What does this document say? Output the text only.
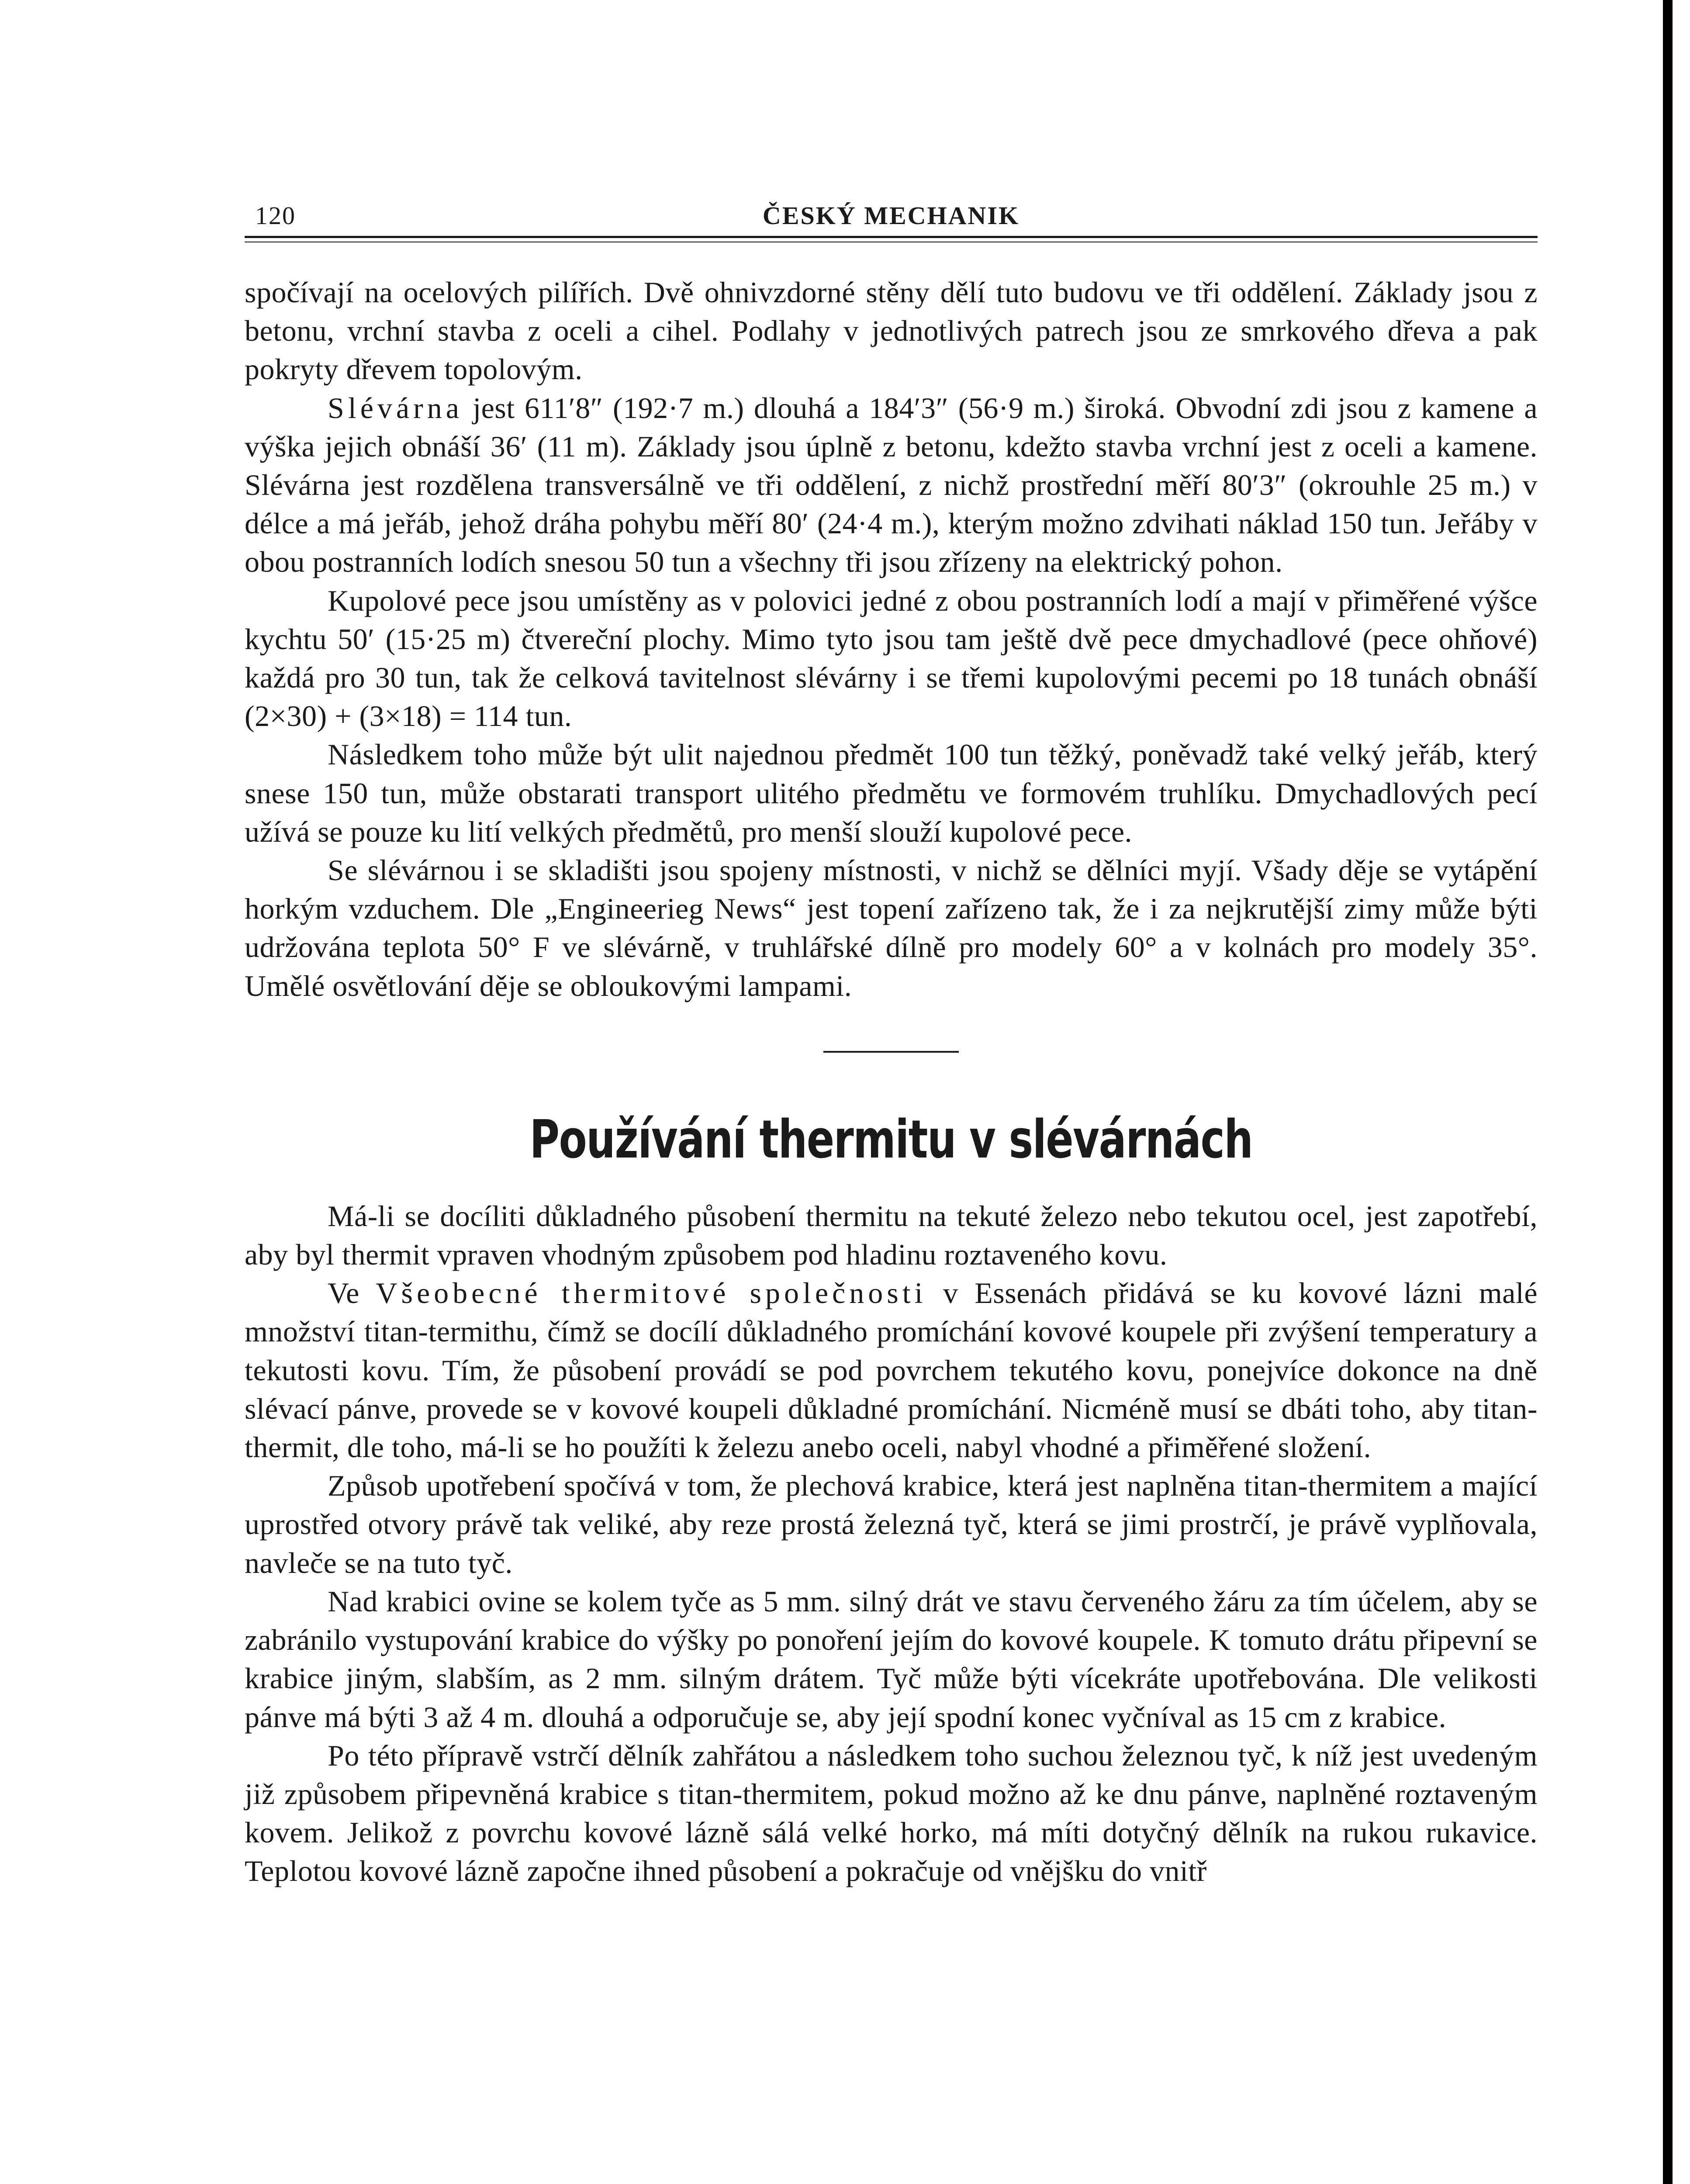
120	ČESKÝ MECHANIK

spočívají na ocelových pilířích. Dvě ohnivzdorné stěny dělí tuto budovu ve tři oddělení. Základy jsou z betonu, vrchní stavba z oceli a cihel. Podlahy v jednotlivých patrech jsou ze smrkového dřeva a pak pokryty dřevem topolovým.

Slévárna jest 611′8″ (192·7 m.) dlouhá a 184′3″ (56·9 m.) široká. Obvodní zdi jsou z kamene a výška jejich obnáší 36′ (11 m). Základy jsou úplně z betonu, kdežto stavba vrchní jest z oceli a kamene. Slévárna jest rozdělena transversálně ve tři oddělení, z nichž prostřední měří 80′3″ (okrouhle 25 m.) v délce a má jeřáb, jehož dráha pohybu měří 80′ (24·4 m.), kterým možno zdvihati náklad 150 tun. Jeřáby v obou postranních lodích snesou 50 tun a všechny tři jsou zřízeny na elektrický pohon.

Kupolové pece jsou umístěny as v polovici jedné z obou postranních lodí a mají v přiměřené výšce kychtu 50′ (15·25 m) čtvereční plochy. Mimo tyto jsou tam ještě dvě pece dmychadlové (pece ohňové) každá pro 30 tun, tak že celková tavitelnost slévárny i se třemi kupolovými pecemi po 18 tunách obnáší (2×30) + (3×18) = 114 tun.

Následkem toho může být ulit najednou předmět 100 tun těžký, poněvadž také velký jeřáb, který snese 150 tun, může obstarati transport ulitého předmětu ve formovém truhlíku. Dmychadlových pecí užívá se pouze ku lití velkých předmětů, pro menší slouží kupolové pece.

Se slévárnou i se skladišti jsou spojeny místnosti, v nichž se dělníci myjí. Všady děje se vytápění horkým vzduchem. Dle „Engineerieg News“ jest topení zařízeno tak, že i za nejkrutější zimy může býti udržována teplota 50° F ve slévárně, v truhlářské dílně pro modely 60° a v kolnách pro modely 35°. Umělé osvětlování děje se obloukovými lampami.

Používání thermitu v slévárnách

Má-li se docíliti důkladného působení thermitu na tekuté železo nebo tekutou ocel, jest zapotřebí, aby byl thermit vpraven vhodným způsobem pod hladinu roztaveného kovu.

Ve Všeobecné thermitové společnosti v Essenách přidává se ku kovové lázni malé množství titan-termithu, čímž se docílí důkladného promíchání kovové koupele při zvýšení temperatury a tekutosti kovu. Tím, že působení provádí se pod povrchem tekutého kovu, ponejvíce dokonce na dně slévací pánve, provede se v kovové koupeli důkladné promíchání. Nicméně musí se dbáti toho, aby titan-thermit, dle toho, má-li se ho použíti k železu anebo oceli, nabyl vhodné a přiměřené složení.

Způsob upotřebení spočívá v tom, že plechová krabice, která jest naplněna titan-thermitem a mající uprostřed otvory právě tak veliké, aby reze prostá železná tyč, která se jimi prostrčí, je právě vyplňovala, navleče se na tuto tyč.

Nad krabici ovine se kolem tyče as 5 mm. silný drát ve stavu červeného žáru za tím účelem, aby se zabránilo vystupování krabice do výšky po ponoření jejím do kovové koupele. K tomuto drátu připevní se krabice jiným, slabším, as 2 mm. silným drátem. Tyč může býti vícekráte upotřebována. Dle velikosti pánve má býti 3 až 4 m. dlouhá a odporučuje se, aby její spodní konec vyčníval as 15 cm z krabice.

Po této přípravě vstrčí dělník zahřátou a následkem toho suchou železnou tyč, k níž jest uvedeným již způsobem připevněná krabice s titan-thermitem, pokud možno až ke dnu pánve, naplněné roztaveným kovem. Jelikož z povrchu kovové lázně sálá velké horko, má míti dotyčný dělník na rukou rukavice. Teplotou kovové lázně započne ihned působení a pokračuje od vnějšku do vnitř
